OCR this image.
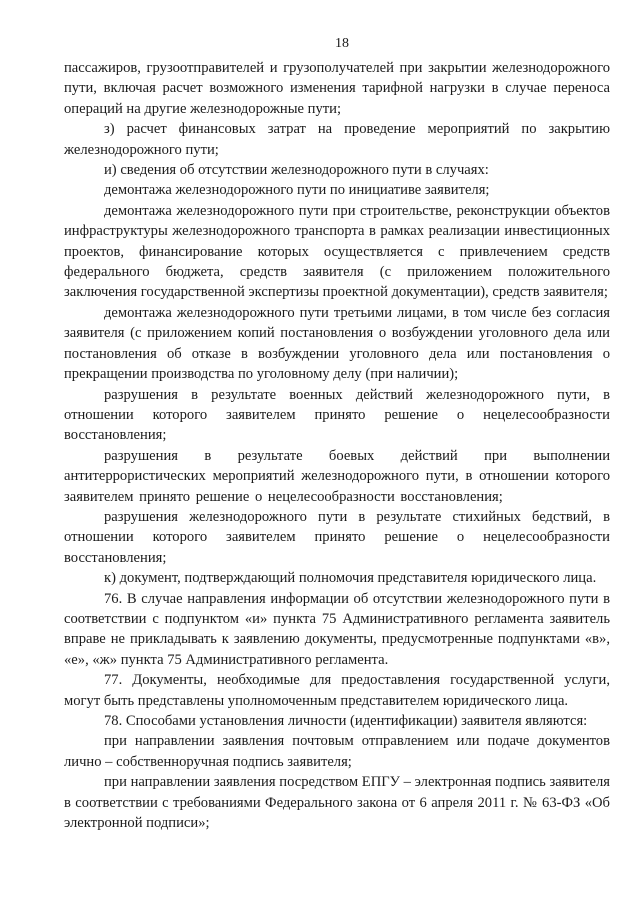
18

пассажиров, грузоотправителей и грузополучателей при закрытии железнодорожного пути, включая расчет возможного изменения тарифной нагрузки в случае переноса операций на другие железнодорожные пути;

з) расчет финансовых затрат на проведение мероприятий по закрытию железнодорожного пути;

и) сведения об отсутствии железнодорожного пути в случаях:

демонтажа железнодорожного пути по инициативе заявителя;

демонтажа железнодорожного пути при строительстве, реконструкции объектов инфраструктуры железнодорожного транспорта в рамках реализации инвестиционных проектов, финансирование которых осуществляется с привлечением средств федерального бюджета, средств заявителя (с приложением положительного заключения государственной экспертизы проектной документации), средств заявителя;

демонтажа железнодорожного пути третьими лицами, в том числе без согласия заявителя (с приложением копий постановления о возбуждении уголовного дела или постановления об отказе в возбуждении уголовного дела или постановления о прекращении производства по уголовному делу (при наличии);

разрушения в результате военных действий железнодорожного пути, в отношении которого заявителем принято решение о нецелесообразности восстановления;

разрушения в результате боевых действий при выполнении антитеррористических мероприятий железнодорожного пути, в отношении которого заявителем принято решение о нецелесообразности восстановления;

разрушения железнодорожного пути в результате стихийных бедствий, в отношении которого заявителем принято решение о нецелесообразности восстановления;

к) документ, подтверждающий полномочия представителя юридического лица.

76. В случае направления информации об отсутствии железнодорожного пути в соответствии с подпунктом «и» пункта 75 Административного регламента заявитель вправе не прикладывать к заявлению документы, предусмотренные подпунктами «в», «е», «ж» пункта 75 Административного регламента.

77. Документы, необходимые для предоставления государственной услуги, могут быть представлены уполномоченным представителем юридического лица.

78. Способами установления личности (идентификации) заявителя являются:

при направлении заявления почтовым отправлением или подаче документов лично – собственноручная подпись заявителя;

при направлении заявления посредством ЕПГУ – электронная подпись заявителя в соответствии с требованиями Федерального закона от 6 апреля 2011 г. № 63-ФЗ «Об электронной подписи»;
